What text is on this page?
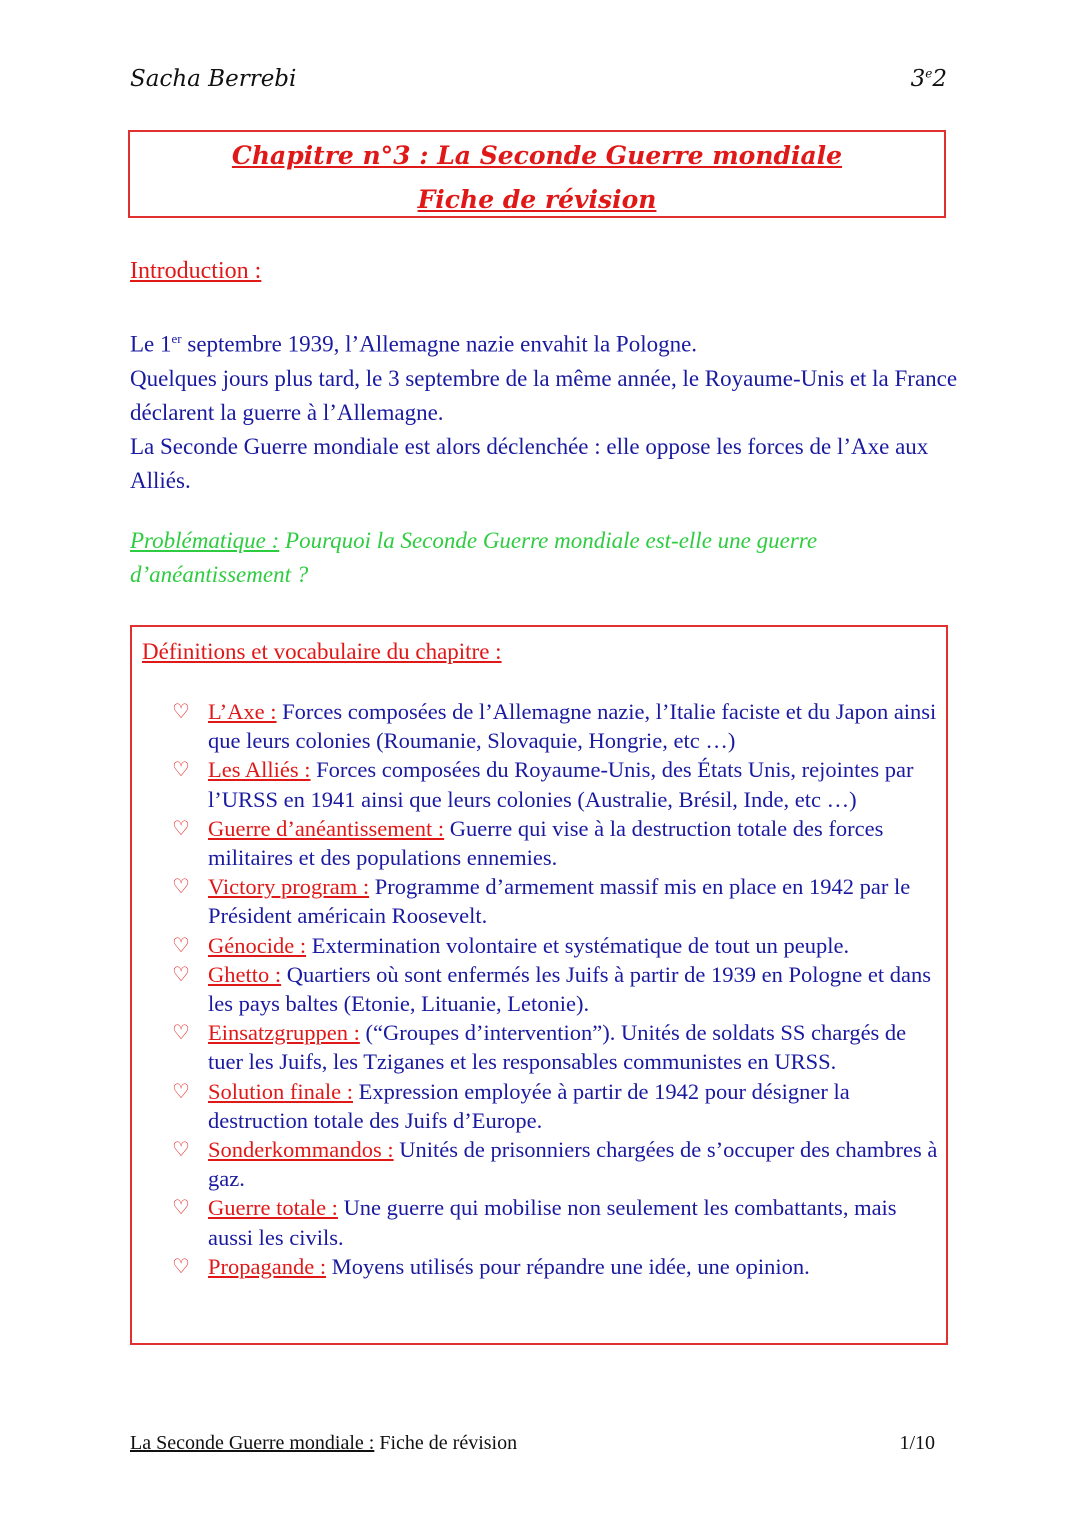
Sacha Berrebi	3e2
Chapitre n°3 : La Seconde Guerre mondiale
Fiche de révision
Introduction :

Le 1er septembre 1939, l’Allemagne nazie envahit la Pologne.

Quelques jours plus tard, le 3 septembre de la même année, le Royaume-Unis et la France déclarent la guerre à l’Allemagne.

La Seconde Guerre mondiale est alors déclenchée : elle oppose les forces de l’Axe aux Alliés.

Problématique : Pourquoi la Seconde Guerre mondiale est-elle une guerre d’anéantissement ?
Définitions et vocabulaire du chapitre :
♡ L’Axe : Forces composées de l’Allemagne nazie, l’Italie faciste et du Japon ainsi que leurs colonies (Roumanie, Slovaquie, Hongrie, etc …)
♡ Les Alliés : Forces composées du Royaume-Unis, des États Unis, rejointes par l’URSS en 1941 ainsi que leurs colonies (Australie, Brésil, Inde, etc …)
♡ Guerre d’anéantissement : Guerre qui vise à la destruction totale des forces militaires et des populations ennemies.
♡ Victory program : Programme d’armement massif mis en place en 1942 par le Président américain Roosevelt.
♡ Génocide : Extermination volontaire et systématique de tout un peuple.
♡ Ghetto : Quartiers où sont enfermés les Juifs à partir de 1939 en Pologne et dans les pays baltes (Etonie, Lituanie, Letonie).
♡ Einsatzgruppen : (“Groupes d’intervention”). Unités de soldats SS chargés de tuer les Juifs, les Tziganes et les responsables communistes en URSS.
♡ Solution finale : Expression employée à partir de 1942 pour désigner la destruction totale des Juifs d’Europe.
♡ Sonderkommandos : Unités de prisonniers chargées de s’occuper des chambres à gaz.
♡ Guerre totale : Une guerre qui mobilise non seulement les combattants, mais aussi les civils.
♡ Propagande : Moyens utilisés pour répandre une idée, une opinion.
La Seconde Guerre mondiale : Fiche de révision	1/10
